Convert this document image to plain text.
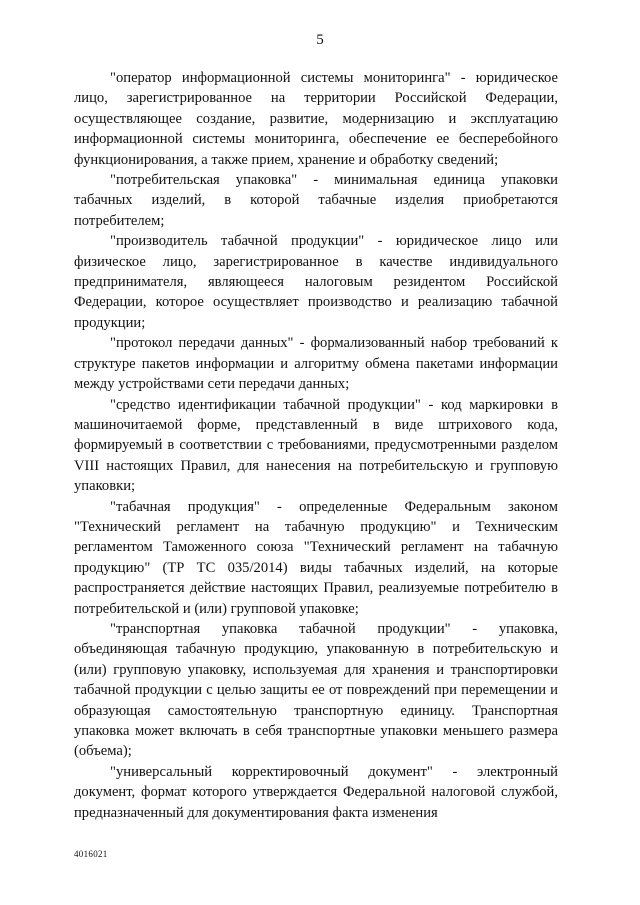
5

"оператор информационной системы мониторинга" - юридическое лицо, зарегистрированное на территории Российской Федерации, осуществляющее создание, развитие, модернизацию и эксплуатацию информационной системы мониторинга, обеспечение ее бесперебойного функционирования, а также прием, хранение и обработку сведений;

"потребительская упаковка" - минимальная единица упаковки табачных изделий, в которой табачные изделия приобретаются потребителем;

"производитель табачной продукции" - юридическое лицо или физическое лицо, зарегистрированное в качестве индивидуального предпринимателя, являющееся налоговым резидентом Российской Федерации, которое осуществляет производство и реализацию табачной продукции;

"протокол передачи данных" - формализованный набор требований к структуре пакетов информации и алгоритму обмена пакетами информации между устройствами сети передачи данных;

"средство идентификации табачной продукции" - код маркировки в машиночитаемой форме, представленный в виде штрихового кода, формируемый в соответствии с требованиями, предусмотренными разделом VIII настоящих Правил, для нанесения на потребительскую и групповую упаковки;

"табачная продукция" - определенные Федеральным законом "Технический регламент на табачную продукцию" и Техническим регламентом Таможенного союза "Технический регламент на табачную продукцию" (ТР ТС 035/2014) виды табачных изделий, на которые распространяется действие настоящих Правил, реализуемые потребителю в потребительской и (или) групповой упаковке;

"транспортная упаковка табачной продукции" - упаковка, объединяющая табачную продукцию, упакованную в потребительскую и (или) групповую упаковку, используемая для хранения и транспортировки табачной продукции с целью защиты ее от повреждений при перемещении и образующая самостоятельную транспортную единицу. Транспортная упаковка может включать в себя транспортные упаковки меньшего размера (объема);

"универсальный корректировочный документ" - электронный документ, формат которого утверждается Федеральной налоговой службой, предназначенный для документирования факта изменения

4016021
